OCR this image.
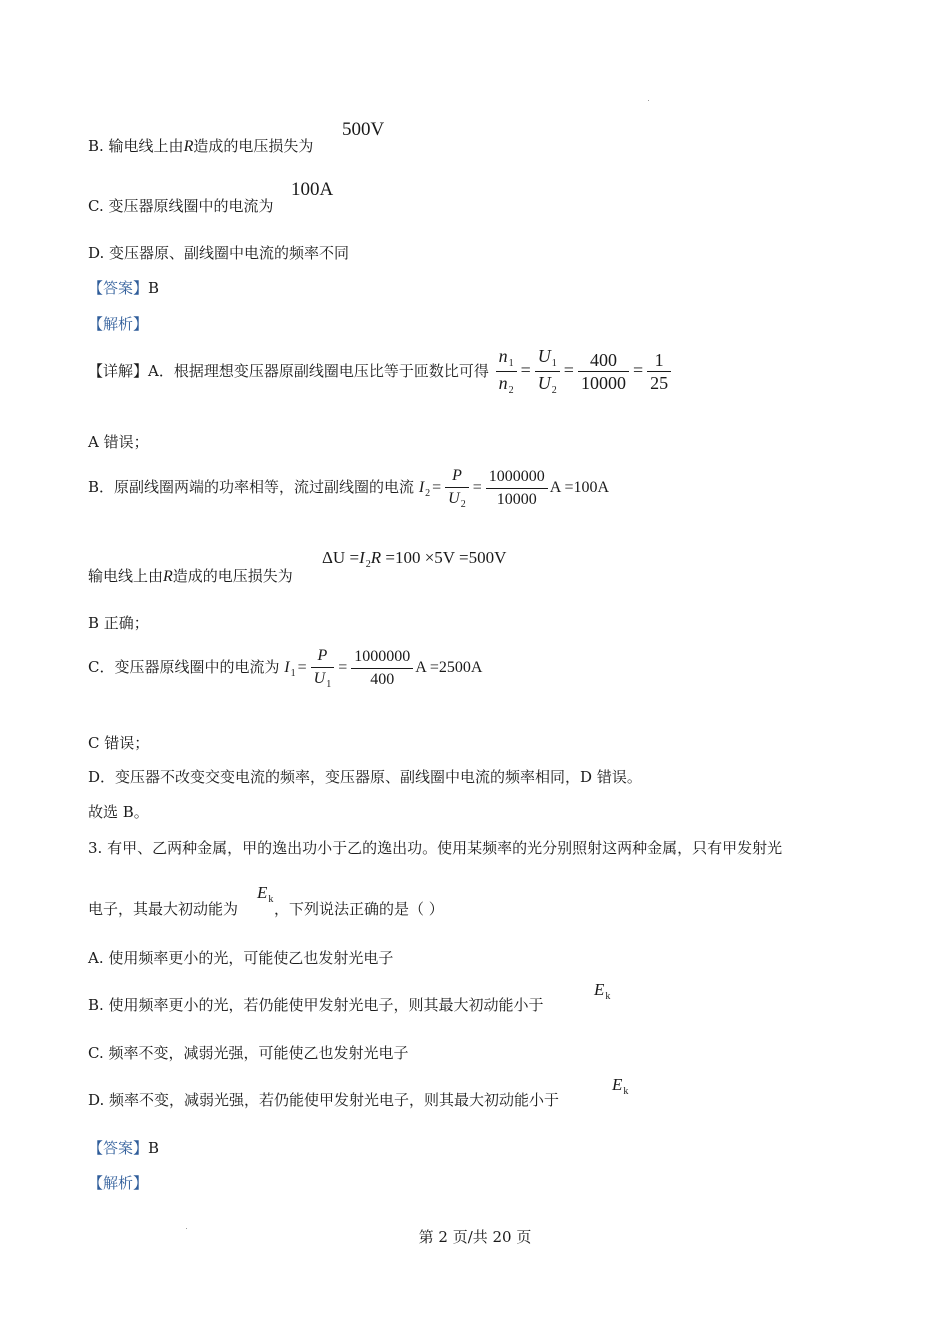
B. 输电线上由R造成的电压损失为
500V
C. 变压器原线圈中的电流为
100A
D. 变压器原、副线圈中电流的频率不同
【答案】B
【解析】
【详解】A．根据理想变压器原副线圈电压比等于匝数比可得 $\frac{n_1}{n_2} = \frac{U_1}{U_2} = \frac{400}{10000} = \frac{1}{25}$
A 错误；
B．原副线圈两端的功率相等，流过副线圈的电流 $I_2 = \frac{P}{U_2} = \frac{1000000}{10000}$ A =100A
输电线上由R造成的电压损失为
$\Delta U =I_2R =100 \times 5V =500V$
B 正确；
C．变压器原线圈中的电流为 $I_1 = \frac{P}{U_1} = \frac{1000000}{400}$ A =2500A
C 错误；
D．变压器不改变交变电流的频率，变压器原、副线圈中电流的频率相同，D 错误。
故选 B。
3. 有甲、乙两种金属，甲的逸出功小于乙的逸出功。使用某频率的光分别照射这两种金属，只有甲发射光
电子，其最大初动能为 ，下列说法正确的是（ ）
$E_k$
A. 使用频率更小的光，可能使乙也发射光电子
B. 使用频率更小的光，若仍能使甲发射光电子，则其最大初动能小于
$E_k$
C. 频率不变，减弱光强，可能使乙也发射光电子
D. 频率不变，减弱光强，若仍能使甲发射光电子，则其最大初动能小于
$E_k$
【答案】B
【解析】
第 2 页/共 20 页
